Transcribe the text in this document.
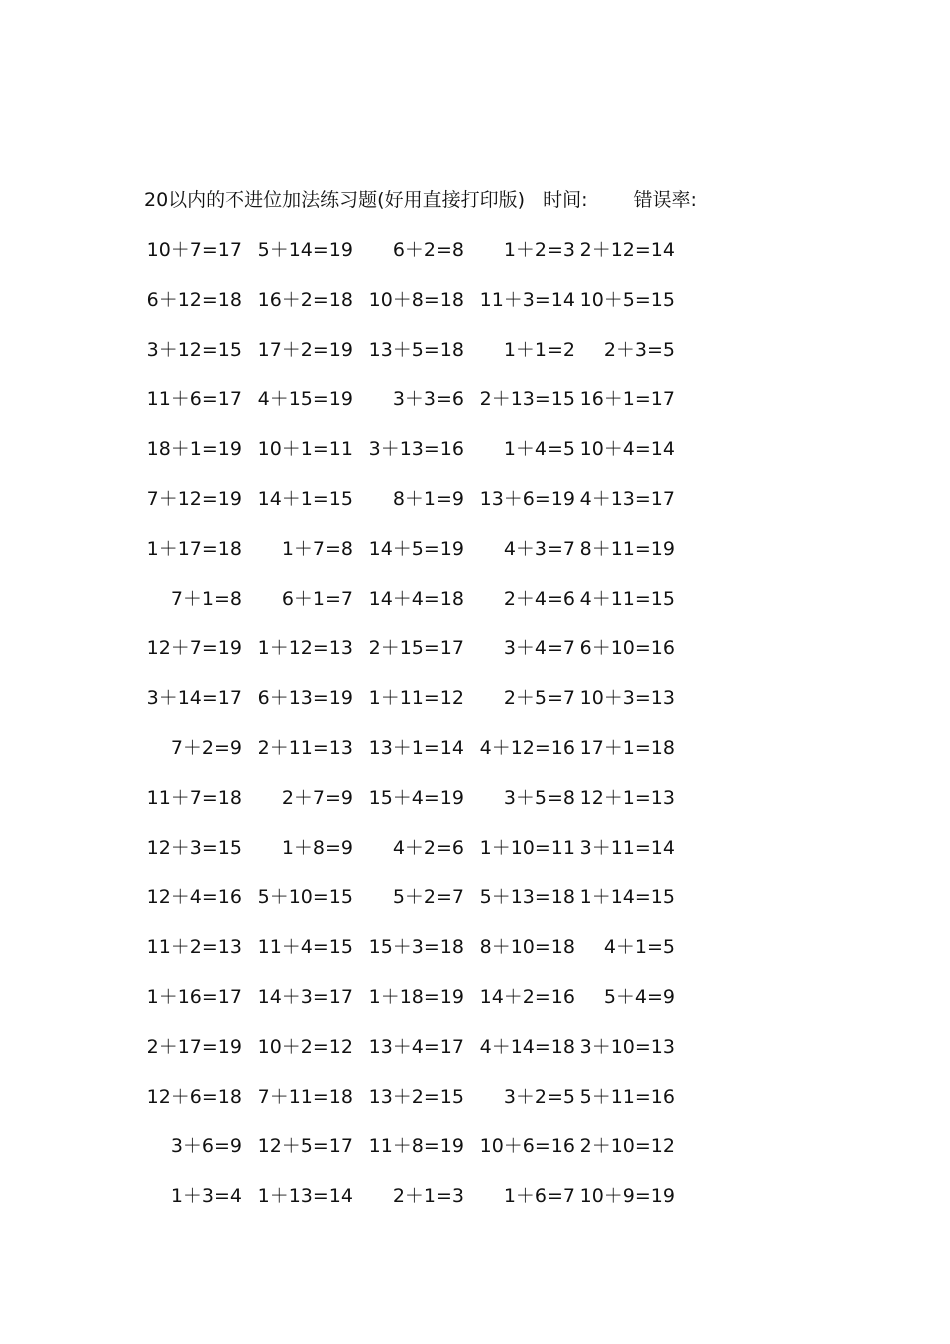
20以内的不进位加法练习题(好用直接打印版) 时间: 错误率:
10＋7=17 5＋14=19	6＋2=8	1＋2=3 2＋12=14
6＋12=18 16＋2=18 10＋8=18 11＋3=14 10＋5=15
3＋12=15 17＋2=19 13＋5=18	1＋1=2	2＋3=5
11＋6=17 4＋15=19	3＋3=6 2＋13=15 16＋1=17
18＋1=19 10＋1=11 3＋13=16	1＋4=5 10＋4=14
7＋12=19 14＋1=15	8＋1=9 13＋6=19 4＋13=17
1＋17=18	1＋7=8 14＋5=19	4＋3=7 8＋11=19
7＋1=8	6＋1=7 14＋4=18	2＋4=6 4＋11=15
12＋7=19 1＋12=13 2＋15=17	3＋4=7 6＋10=16
3＋14=17 6＋13=19 1＋11=12	2＋5=7 10＋3=13
7＋2=9 2＋11=13 13＋1=14 4＋12=16 17＋1=18
11＋7=18	2＋7=9 15＋4=19	3＋5=8 12＋1=13
12＋3=15	1＋8=9	4＋2=6 1＋10=11 3＋11=14
12＋4=16 5＋10=15	5＋2=7 5＋13=18 1＋14=15
11＋2=13 11＋4=15 15＋3=18 8＋10=18	4＋1=5
1＋16=17 14＋3=17 1＋18=19 14＋2=16	5＋4=9
2＋17=19 10＋2=12 13＋4=17 4＋14=18 3＋10=13
12＋6=18 7＋11=18 13＋2=15	3＋2=5 5＋11=16
3＋6=9 12＋5=17 11＋8=19 10＋6=16 2＋10=12
1＋3=4 1＋13=14	2＋1=3	1＋6=7 10＋9=19
